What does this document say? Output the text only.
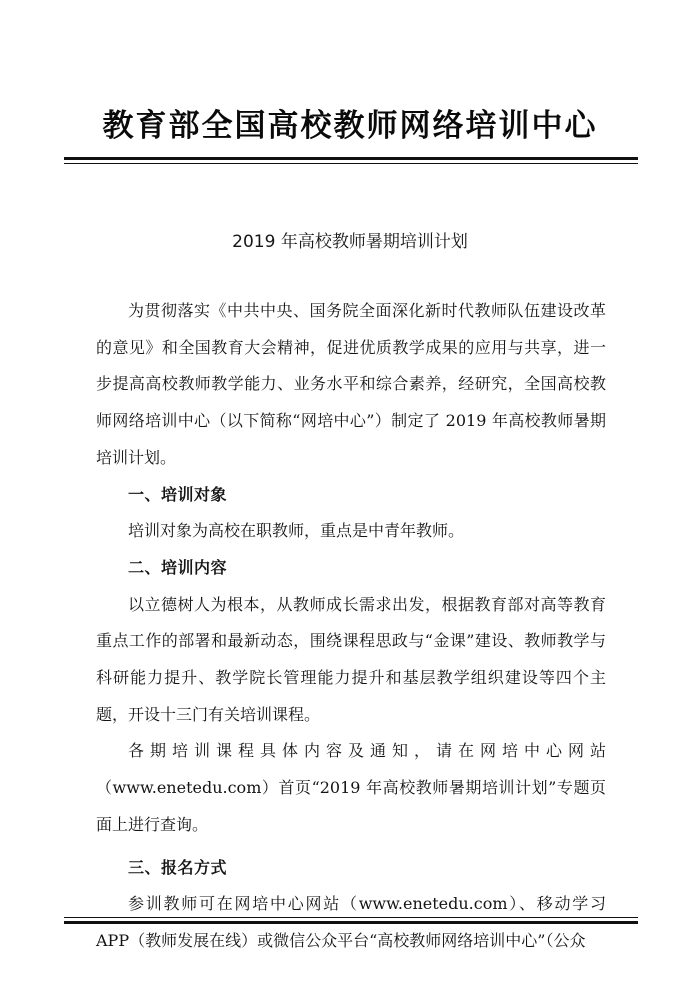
教育部全国高校教师网络培训中心
2019 年高校教师暑期培训计划

为贯彻落实《中共中央、国务院全面深化新时代教师队伍建设改革的意见》和全国教育大会精神，促进优质教学成果的应用与共享，进一步提高高校教师教学能力、业务水平和综合素养，经研究，全国高校教师网络培训中心（以下简称“网培中心”）制定了 2019 年高校教师暑期培训计划。

一、培训对象

培训对象为高校在职教师，重点是中青年教师。

二、培训内容

以立德树人为根本，从教师成长需求出发，根据教育部对高等教育重点工作的部署和最新动态，围绕课程思政与“金课”建设、教师教学与科研能力提升、教学院长管理能力提升和基层教学组织建设等四个主题，开设十三门有关培训课程。

各期培训课程具体内容及通知，请在网培中心网站（www.enetedu.com）首页“2019 年高校教师暑期培训计划”专题页面上进行查询。

三、报名方式

参训教师可在网培中心网站（www.enetedu.com）、移动学习 APP（教师发展在线）或微信公众平台“高校教师网络培训中心”（公众
